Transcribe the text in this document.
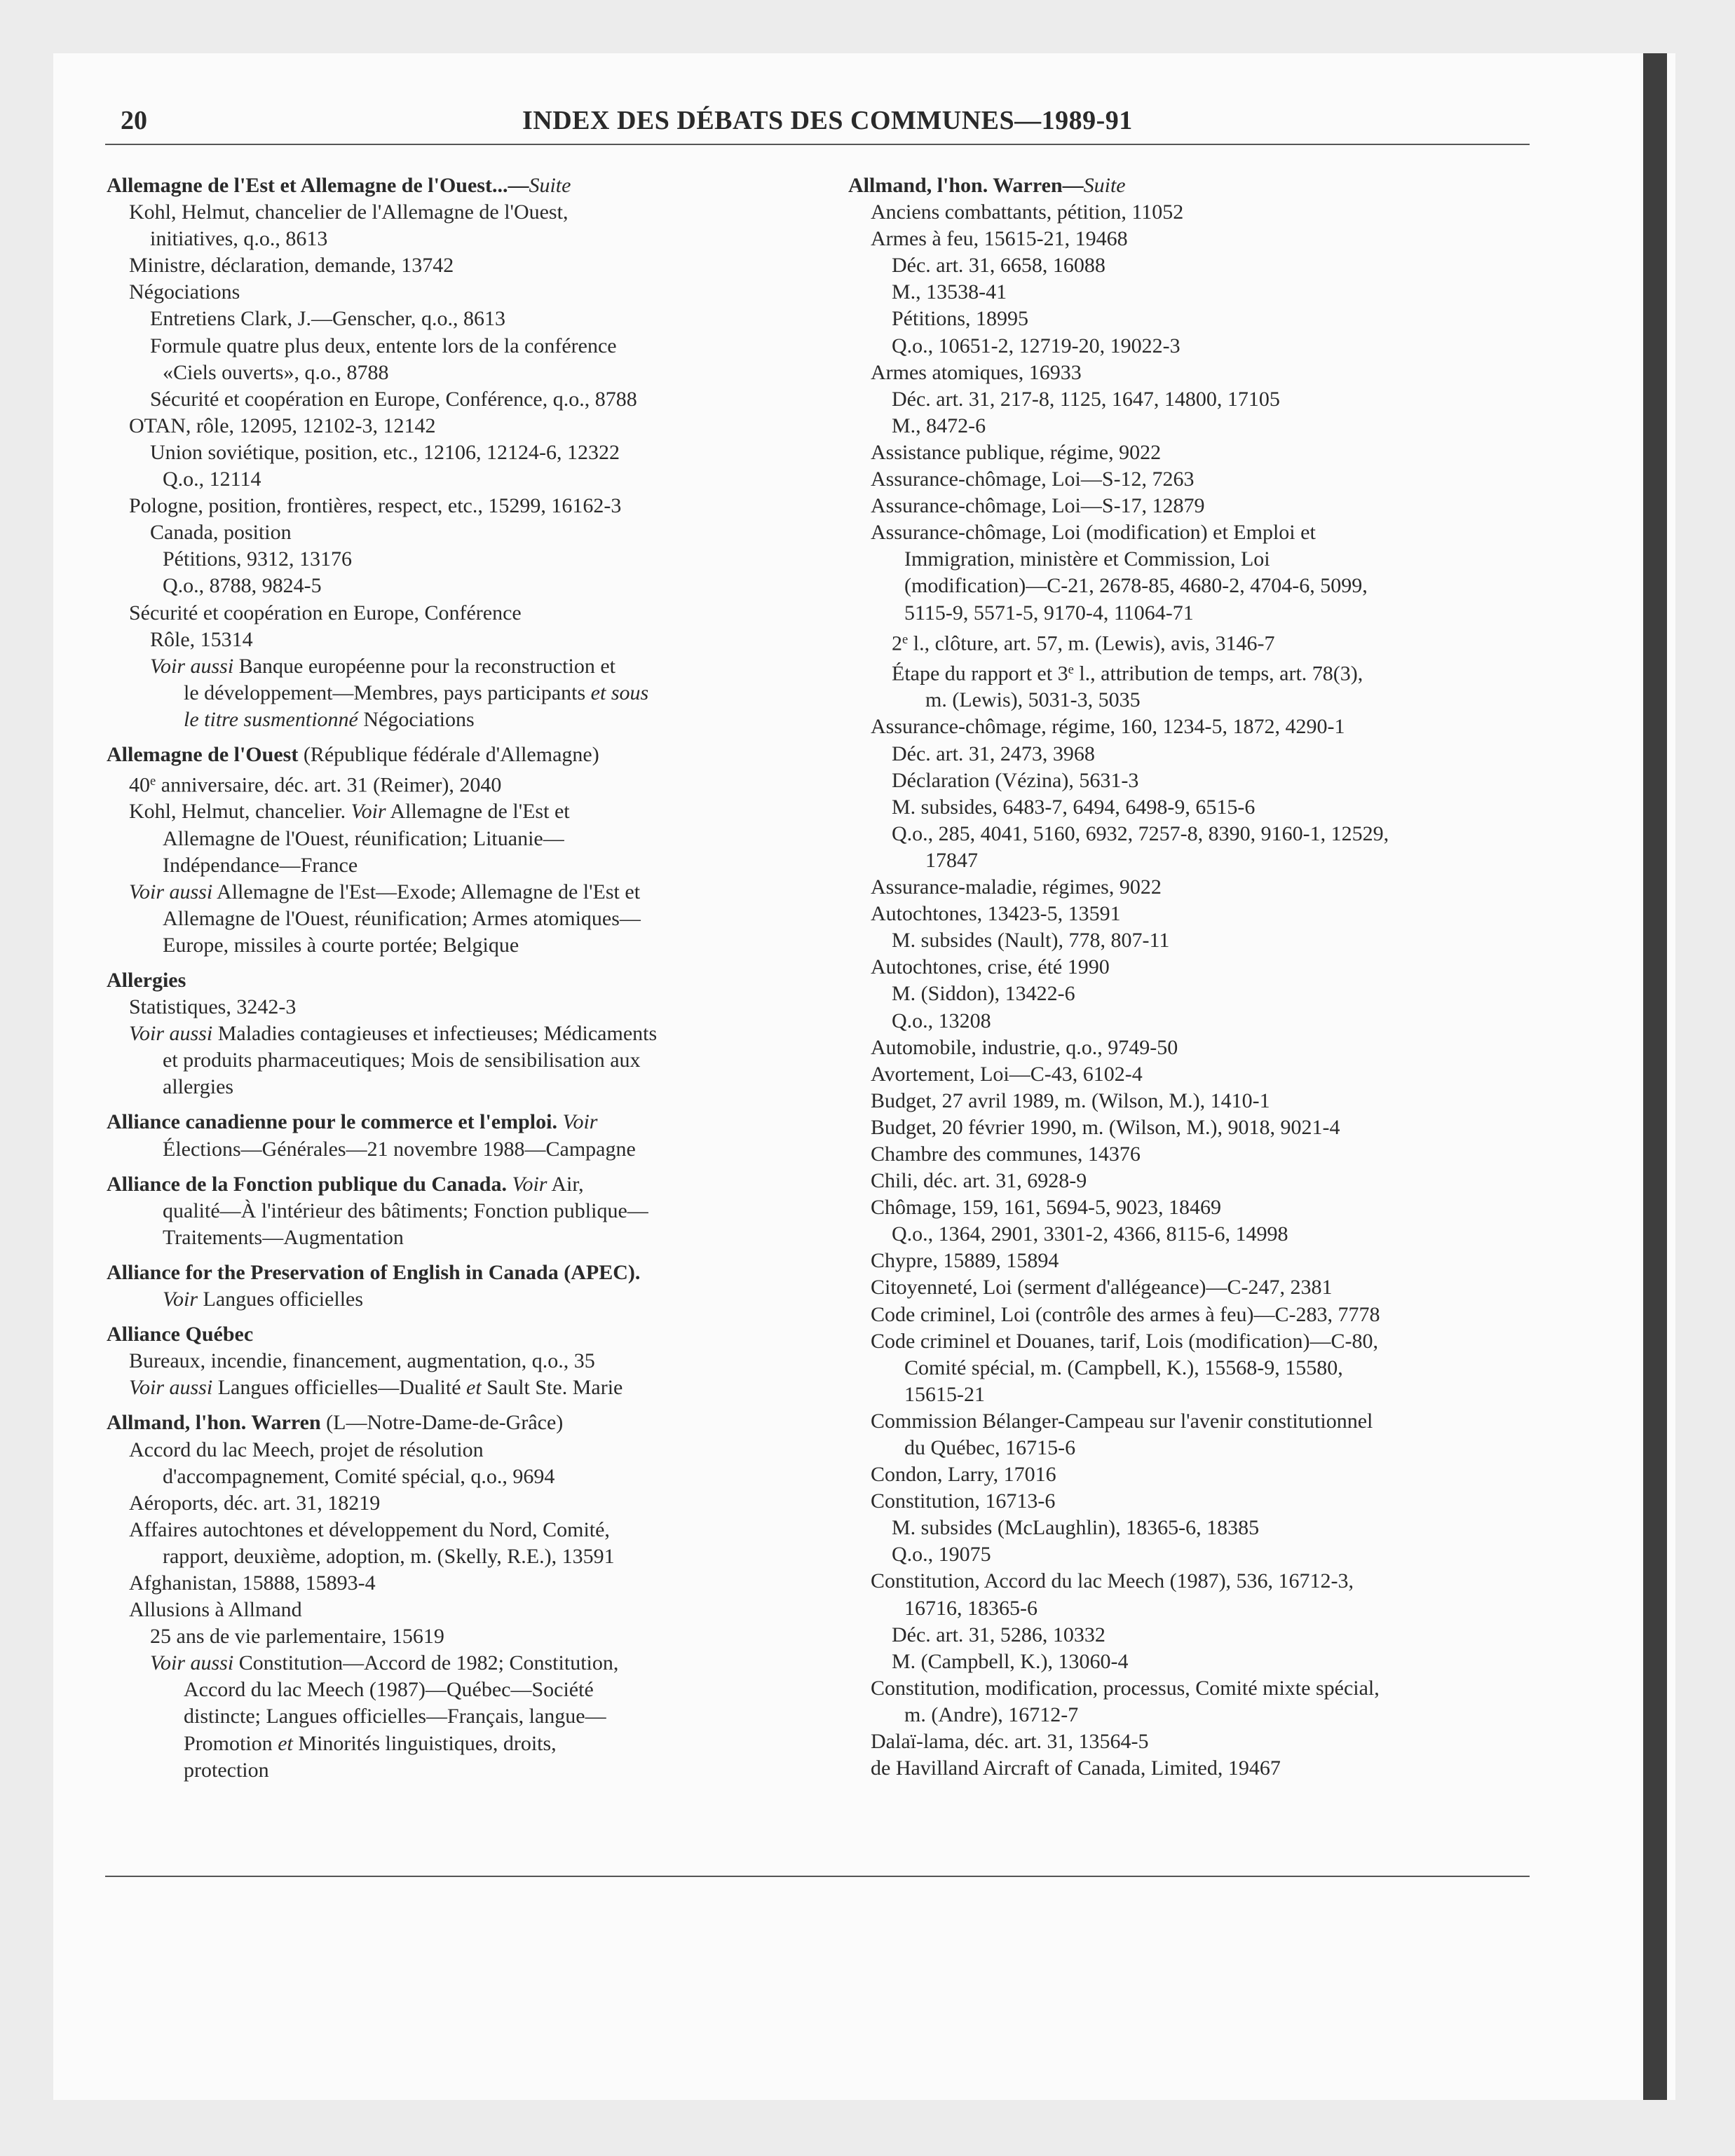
20	INDEX DES DÉBATS DES COMMUNES—1989-91
Allemagne de l'Est et Allemagne de l'Ouest...—Suite
Kohl, Helmut, chancelier de l'Allemagne de l'Ouest,
initiatives, q.o., 8613
Ministre, déclaration, demande, 13742
Négociations
Entretiens Clark, J.—Genscher, q.o., 8613
Formule quatre plus deux, entente lors de la conférence
«Ciels ouverts», q.o., 8788
Sécurité et coopération en Europe, Conférence, q.o., 8788
OTAN, rôle, 12095, 12102-3, 12142
Union soviétique, position, etc., 12106, 12124-6, 12322
Q.o., 12114
Pologne, position, frontières, respect, etc., 15299, 16162-3
Canada, position
Pétitions, 9312, 13176
Q.o., 8788, 9824-5
Sécurité et coopération en Europe, Conférence
Rôle, 15314
Voir aussi Banque européenne pour la reconstruction et
le développement—Membres, pays participants et sous
le titre susmentionné Négociations
Allemagne de l'Ouest (République fédérale d'Allemagne)
40e anniversaire, déc. art. 31 (Reimer), 2040
Kohl, Helmut, chancelier. Voir Allemagne de l'Est et
Allemagne de l'Ouest, réunification; Lituanie—
Indépendance—France
Voir aussi Allemagne de l'Est—Exode; Allemagne de l'Est et
Allemagne de l'Ouest, réunification; Armes atomiques—
Europe, missiles à courte portée; Belgique
Allergies
Statistiques, 3242-3
Voir aussi Maladies contagieuses et infectieuses; Médicaments
et produits pharmaceutiques; Mois de sensibilisation aux
allergies
Alliance canadienne pour le commerce et l'emploi. Voir
Élections—Générales—21 novembre 1988—Campagne
Alliance de la Fonction publique du Canada. Voir Air,
qualité—À l'intérieur des bâtiments; Fonction publique—
Traitements—Augmentation
Alliance for the Preservation of English in Canada (APEC).
Voir Langues officielles
Alliance Québec
Bureaux, incendie, financement, augmentation, q.o., 35
Voir aussi Langues officielles—Dualité et Sault Ste. Marie
Allmand, l'hon. Warren (L—Notre-Dame-de-Grâce)
Accord du lac Meech, projet de résolution
d'accompagnement, Comité spécial, q.o., 9694
Aéroports, déc. art. 31, 18219
Affaires autochtones et développement du Nord, Comité,
rapport, deuxième, adoption, m. (Skelly, R.E.), 13591
Afghanistan, 15888, 15893-4
Allusions à Allmand
25 ans de vie parlementaire, 15619
Voir aussi Constitution—Accord de 1982; Constitution,
Accord du lac Meech (1987)—Québec—Société
distincte; Langues officielles—Français, langue—
Promotion et Minorités linguistiques, droits,
protection
Allmand, l'hon. Warren—Suite
Anciens combattants, pétition, 11052
Armes à feu, 15615-21, 19468
Déc. art. 31, 6658, 16088
M., 13538-41
Pétitions, 18995
Q.o., 10651-2, 12719-20, 19022-3
Armes atomiques, 16933
Déc. art. 31, 217-8, 1125, 1647, 14800, 17105
M., 8472-6
Assistance publique, régime, 9022
Assurance-chômage, Loi—S-12, 7263
Assurance-chômage, Loi—S-17, 12879
Assurance-chômage, Loi (modification) et Emploi et
Immigration, ministère et Commission, Loi
(modification)—C-21, 2678-85, 4680-2, 4704-6, 5099,
5115-9, 5571-5, 9170-4, 11064-71
2e l., clôture, art. 57, m. (Lewis), avis, 3146-7
Étape du rapport et 3e l., attribution de temps, art. 78(3),
m. (Lewis), 5031-3, 5035
Assurance-chômage, régime, 160, 1234-5, 1872, 4290-1
Déc. art. 31, 2473, 3968
Déclaration (Vézina), 5631-3
M. subsides, 6483-7, 6494, 6498-9, 6515-6
Q.o., 285, 4041, 5160, 6932, 7257-8, 8390, 9160-1, 12529,
17847
Assurance-maladie, régimes, 9022
Autochtones, 13423-5, 13591
M. subsides (Nault), 778, 807-11
Autochtones, crise, été 1990
M. (Siddon), 13422-6
Q.o., 13208
Automobile, industrie, q.o., 9749-50
Avortement, Loi—C-43, 6102-4
Budget, 27 avril 1989, m. (Wilson, M.), 1410-1
Budget, 20 février 1990, m. (Wilson, M.), 9018, 9021-4
Chambre des communes, 14376
Chili, déc. art. 31, 6928-9
Chômage, 159, 161, 5694-5, 9023, 18469
Q.o., 1364, 2901, 3301-2, 4366, 8115-6, 14998
Chypre, 15889, 15894
Citoyenneté, Loi (serment d'allégeance)—C-247, 2381
Code criminel, Loi (contrôle des armes à feu)—C-283, 7778
Code criminel et Douanes, tarif, Lois (modification)—C-80,
Comité spécial, m. (Campbell, K.), 15568-9, 15580,
15615-21
Commission Bélanger-Campeau sur l'avenir constitutionnel
du Québec, 16715-6
Condon, Larry, 17016
Constitution, 16713-6
M. subsides (McLaughlin), 18365-6, 18385
Q.o., 19075
Constitution, Accord du lac Meech (1987), 536, 16712-3,
16716, 18365-6
Déc. art. 31, 5286, 10332
M. (Campbell, K.), 13060-4
Constitution, modification, processus, Comité mixte spécial,
m. (Andre), 16712-7
Dalaï-lama, déc. art. 31, 13564-5
de Havilland Aircraft of Canada, Limited, 19467
